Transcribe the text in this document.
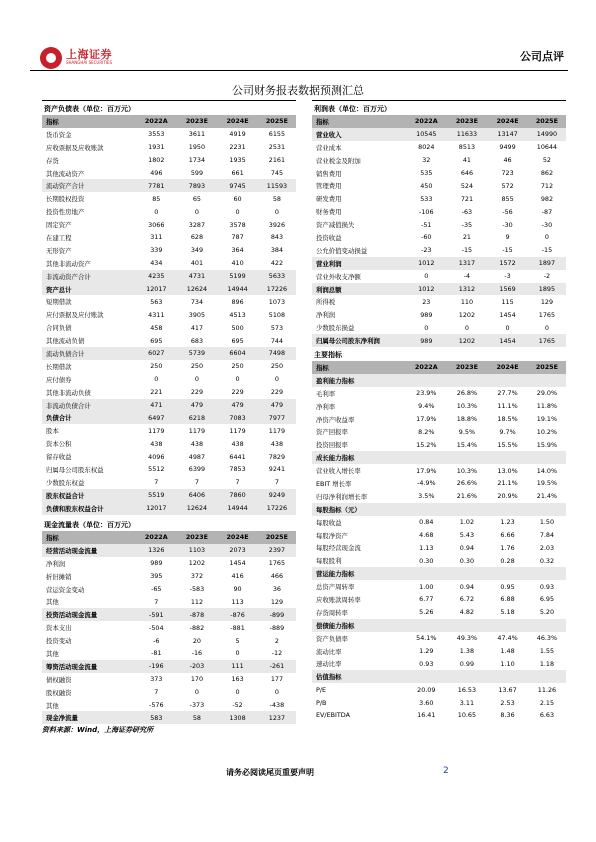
上海证券
SHANGHAI SECURITIES	公司点评
公司财务报表数据预测汇总
资产负债表（单位：百万元）
指标	2022A	2023E	2024E	2025E
货币资金	3553	3611	4919	6155
应收票据及应收账款	1931	1950	2231	2531
存货	1802	1734	1935	2161
其他流动资产	496	599	661	745
流动资产合计	7781	7893	9745	11593
长期股权投资	85	65	60	58
投资性房地产	0	0	0	0
固定资产	3066	3287	3578	3926
在建工程	311	628	787	843
无形资产	339	349	364	384
其他非流动资产	434	401	410	422
非流动资产合计	4235	4731	5199	5633
资产总计	12017	12624	14944	17226
短期借款	563	734	896	1073
应付票据及应付账款	4311	3905	4513	5108
合同负债	458	417	500	573
其他流动负债	695	683	695	744
流动负债合计	6027	5739	6604	7498
长期借款	250	250	250	250
应付债券	0	0	0	0
其他非流动负债	221	229	229	229
非流动负债合计	471	479	479	479
负债合计	6497	6218	7083	7977
股本	1179	1179	1179	1179
资本公积	438	438	438	438
留存收益	4096	4987	6441	7829
归属母公司股东权益	5512	6399	7853	9241
少数股东权益	7	7	7	7
股东权益合计	5519	6406	7860	9249
负债和股东权益合计	12017	12624	14944	17226
现金流量表（单位：百万元）
指标	2022A	2023E	2024E	2025E
经营活动现金流量	1326	1103	2073	2397
净利润	989	1202	1454	1765
折旧摊销	395	372	416	466
营运资金变动	-65	-583	90	36
其他	7	112	113	129
投资活动现金流量	-591	-878	-876	-899
资本支出	-504	-882	-881	-889
投资变动	-6	20	5	2
其他	-81	-16	0	-12
筹资活动现金流量	-196	-203	111	-261
债权融资	373	170	163	177
股权融资	7	0	0	0
其他	-576	-373	-52	-438
现金净流量	583	58	1308	1237
利润表（单位：百万元）
指标	2022A	2023E	2024E	2025E
营业收入	10545	11633	13147	14990
营业成本	8024	8513	9499	10644
营业税金及附加	32	41	46	52
销售费用	535	646	723	862
管理费用	450	524	572	712
研发费用	533	721	855	982
财务费用	-106	-63	-56	-87
资产减值损失	-51	-35	-30	-30
投资收益	-60	21	9	0
公允价值变动损益	-23	-15	-15	-15
营业利润	1012	1317	1572	1897
营业外收支净额	0	-4	-3	-2
利润总额	1012	1312	1569	1895
所得税	23	110	115	129
净利润	989	1202	1454	1765
少数股东损益	0	0	0	0
归属母公司股东净利润	989	1202	1454	1765
主要指标
指标	2022A	2023E	2024E	2025E
盈利能力指标				
毛利率	23.9%	26.8%	27.7%	29.0%
净利率	9.4%	10.3%	11.1%	11.8%
净资产收益率	17.9%	18.8%	18.5%	19.1%
资产回报率	8.2%	9.5%	9.7%	10.2%
投资回报率	15.2%	15.4%	15.5%	15.9%
成长能力指标				
营业收入增长率	17.9%	10.3%	13.0%	14.0%
EBIT 增长率	-4.9%	26.6%	21.1%	19.5%
归母净利润增长率	3.5%	21.6%	20.9%	21.4%
每股指标（元）				
每股收益	0.84	1.02	1.23	1.50
每股净资产	4.68	5.43	6.66	7.84
每股经营现金流	1.13	0.94	1.76	2.03
每股股利	0.30	0.30	0.28	0.32
营运能力指标				
总资产周转率	1.00	0.94	0.95	0.93
应收账款周转率	6.77	6.72	6.88	6.95
存货周转率	5.26	4.82	5.18	5.20
偿债能力指标				
资产负债率	54.1%	49.3%	47.4%	46.3%
流动比率	1.29	1.38	1.48	1.55
速动比率	0.93	0.99	1.10	1.18
估值指标				
P/E	20.09	16.53	13.67	11.26
P/B	3.60	3.11	2.53	2.15
EV/EBITDA	16.41	10.65	8.36	6.63
资料来源：Wind，上海证券研究所
请务必阅读尾页重要声明	2
